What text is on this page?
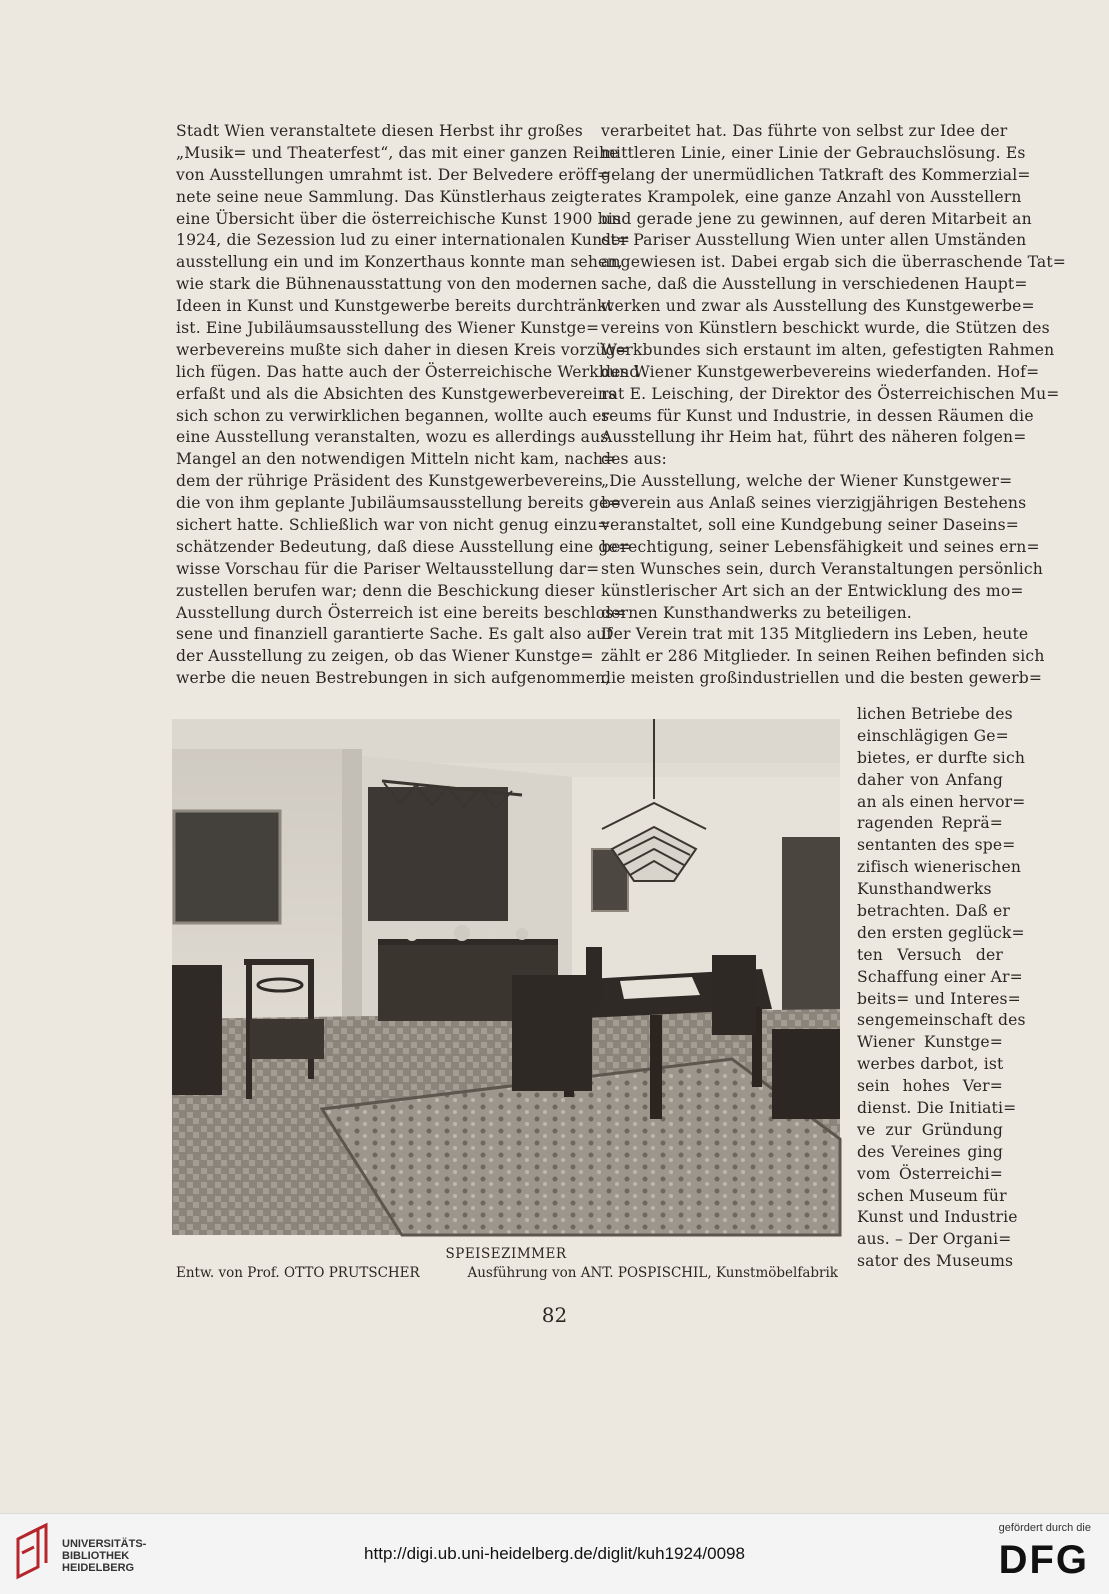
Stadt Wien veranstaltete diesen Herbst ihr großes
„Musik= und Theaterfest“, das mit einer ganzen Reihe
von Ausstellungen umrahmt ist. Der Belvedere eröff=
nete seine neue Sammlung. Das Künstlerhaus zeigte
eine Übersicht über die österreichische Kunst 1900 bis
1924, die Sezession lud zu einer internationalen Kunst=
ausstellung ein und im Konzerthaus konnte man sehen,
wie stark die Bühnenausstattung von den modernen
Ideen in Kunst und Kunstgewerbe bereits durchtränkt
ist. Eine Jubiläumsausstellung des Wiener Kunstge=
werbevereins mußte sich daher in diesen Kreis vorzüg=
lich fügen. Das hatte auch der Österreichische Werkbund
erfaßt und als die Absichten des Kunstgewerbevereins
sich schon zu verwirklichen begannen, wollte auch er
eine Ausstellung veranstalten, wozu es allerdings aus
Mangel an den notwendigen Mitteln nicht kam, nach=
dem der rührige Präsident des Kunstgewerbevereins
die von ihm geplante Jubiläumsausstellung bereits ge=
sichert hatte. Schließlich war von nicht genug einzu=
schätzender Bedeutung, daß diese Ausstellung eine ge=
wisse Vorschau für die Pariser Weltausstellung dar=
zustellen berufen war; denn die Beschickung dieser
Ausstellung durch Österreich ist eine bereits beschlos=
sene und finanziell garantierte Sache. Es galt also auf
der Ausstellung zu zeigen, ob das Wiener Kunstge=
werbe die neuen Bestrebungen in sich aufgenommen,
verarbeitet hat. Das führte von selbst zur Idee der
mittleren Linie, einer Linie der Gebrauchslösung. Es
gelang der unermüdlichen Tatkraft des Kommerzial=
rates Krampolek, eine ganze Anzahl von Ausstellern
und gerade jene zu gewinnen, auf deren Mitarbeit an
der Pariser Ausstellung Wien unter allen Umständen
angewiesen ist. Dabei ergab sich die überraschende Tat=
sache, daß die Ausstellung in verschiedenen Haupt=
werken und zwar als Ausstellung des Kunstgewerbe=
vereins von Künstlern beschickt wurde, die Stützen des
Werkbundes sich erstaunt im alten, gefestigten Rahmen
des Wiener Kunstgewerbevereins wiederfanden. Hof=
rat E. Leisching, der Direktor des Österreichischen Mu=
seums für Kunst und Industrie, in dessen Räumen die
Ausstellung ihr Heim hat, führt des näheren folgen=
des aus:
„Die Ausstellung, welche der Wiener Kunstgewer=
beverein aus Anlaß seines vierzigjährigen Bestehens
veranstaltet, soll eine Kundgebung seiner Daseins=
berechtigung, seiner Lebensfähigkeit und seines ern=
sten Wunsches sein, durch Veranstaltungen persönlich
künstlerischer Art sich an der Entwicklung des mo=
dernen Kunsthandwerks zu beteiligen.
Der Verein trat mit 135 Mitgliedern ins Leben, heute
zählt er 286 Mitglieder. In seinen Reihen befinden sich
die meisten großindustriellen und die besten gewerb=
lichen Betriebe des
einschlägigen Ge=
bietes, er durfte sich
daher von Anfang
an als einen hervor=
ragenden Reprä=
sentanten des spe=
zifisch wienerischen
Kunsthandwerks
betrachten. Daß er
den ersten geglück=
ten Versuch der
Schaffung einer Ar=
beits= und Interes=
sengemeinschaft des
Wiener Kunstge=
werbes darbot, ist
sein hohes Ver=
dienst. Die Initiati=
ve zur Gründung
des Vereines ging
vom Österreichi=
schen Museum für
Kunst und Industrie
aus. – Der Organi=
sator des Museums
SPEISEZIMMER
Entw. von Prof. OTTO PRUTSCHER	Ausführung von ANT. POSPISCHIL, Kunstmöbelfabrik
82
UNIVERSITÄTS-
BIBLIOTHEK
HEIDELBERG
http://digi.ub.uni-heidelberg.de/diglit/kuh1924/0098
gefördert durch die
DFG
